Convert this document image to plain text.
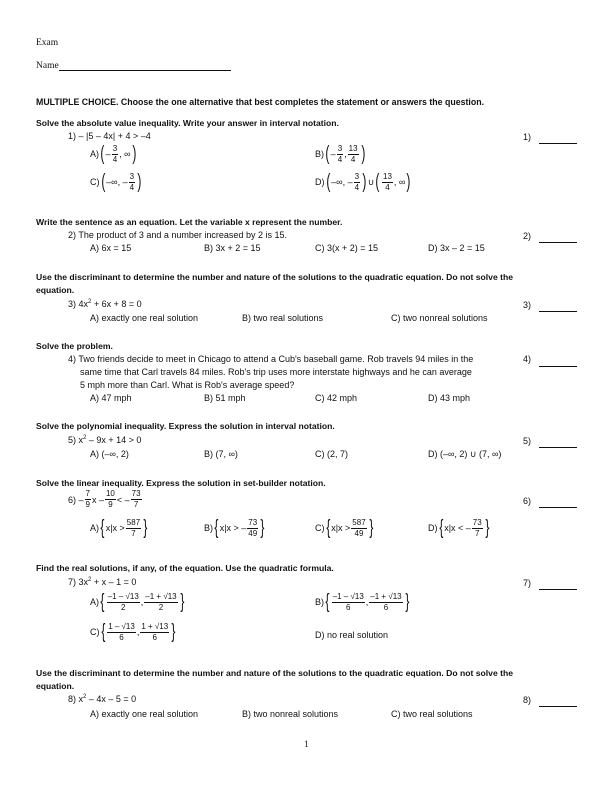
Exam
Name
MULTIPLE CHOICE. Choose the one alternative that best completes the statement or answers the question.
Solve the absolute value inequality. Write your answer in interval notation.
1) – |5 – 4x| + 4 > –4	1)
A) ( – $\frac{3}{4}$ , ∞ )	B) ( – $\frac{3}{4}$ , $\frac{13}{4}$ )
C) ( –∞, – $\frac{3}{4}$ )	D) ( –∞, – $\frac{3}{4}$ ) ∪ ( $\frac{13}{4}$ , ∞ )
Write the sentence as an equation. Let the variable x represent the number.
2) The product of 3 and a number increased by 2 is 15.	2)
A) 6x = 15	B) 3x + 2 = 15	C) 3(x + 2) = 15	D) 3x – 2 = 15
Use the discriminant to determine the number and nature of the solutions to the quadratic equation. Do not solve the
equation.
3) $4x^2 + 6x + 8 = 0$	3)
A) exactly one real solution	B) two real solutions	C) two nonreal solutions
Solve the problem.
4) Two friends decide to meet in Chicago to attend a Cub's baseball game. Rob travels 94 miles in the
same time that Carl travels 84 miles. Rob's trip uses more interstate highways and he can average
5 mph more than Carl. What is Rob's average speed?
4)
A) 47 mph	B) 51 mph	C) 42 mph	D) 43 mph
Solve the polynomial inequality. Express the solution in interval notation.
5) $x^2 - 9x + 14 > 0$	5)
A) (–∞, 2)	B) (7, ∞)	C) (2, 7)	D) (–∞, 2) ∪ (7, ∞)
Solve the linear inequality. Express the solution in set-builder notation.
$6) - \frac{7}{9}$ x – $\frac{10}{9}$ < – $\frac{73}{7}$	6)
A) { $x|x > \frac{587}{7}$ }	B) { x|x > – $\frac{73}{49}$ }	C) { $x|x > \frac{587}{49}$ }	D) { x|x < – $\frac{73}{7}$ }
Find the real solutions, if any, of the equation. Use the quadratic formula.
7) $3x^2 + x - 1 = 0$	7)
A) { $\frac{-1 - √13}{2}$ , $\frac{-1 + √13}{2}$ }	B) { $\frac{-1 - √13}{6}$ , $\frac{-1 + √13}{6}$ }
C) { $\frac{1 - √13}{6}$ , $\frac{1 + √13}{6}$ }	D) no real solution
Use the discriminant to determine the number and nature of the solutions to the quadratic equation. Do not solve the
equation.
8) $x^2 - 4x - 5 = 0$	8)
A) exactly one real solution	B) two nonreal solutions	C) two real solutions
1
